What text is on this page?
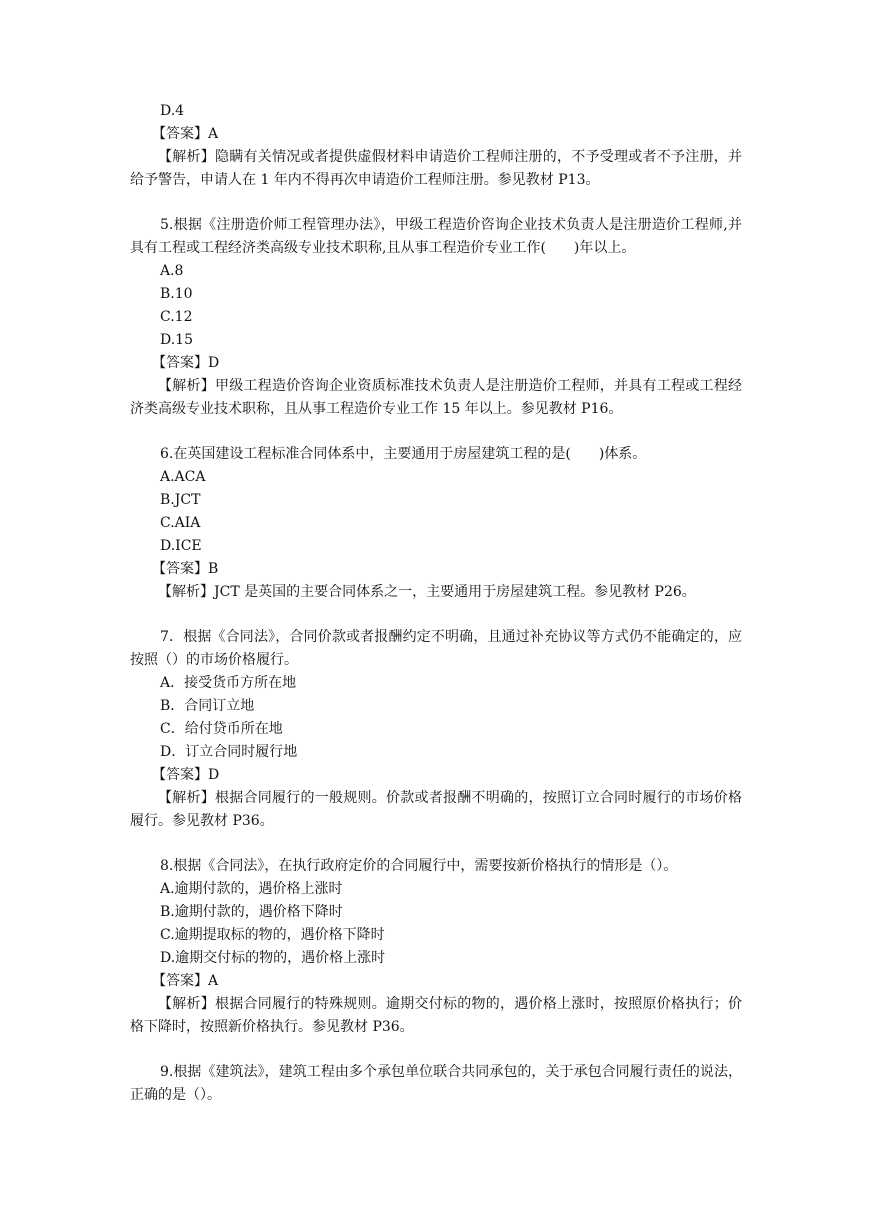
D.4
【答案】A
【解析】隐瞒有关情况或者提供虚假材料申请造价工程师注册的，不予受理或者不予注册，并给予警告，申请人在 1 年内不得再次申请造价工程师注册。参见教材 P13。
5.根据《注册造价师工程管理办法》，甲级工程造价咨询企业技术负责人是注册造价工程师,并具有工程或工程经济类高级专业技术职称,且从事工程造价专业工作(　　)年以上。
A.8
B.10
C.12
D.15
【答案】D
【解析】甲级工程造价咨询企业资质标准技术负责人是注册造价工程师，并具有工程或工程经济类高级专业技术职称，且从事工程造价专业工作 15 年以上。参见教材 P16。
6.在英国建设工程标准合同体系中，主要通用于房屋建筑工程的是(　　)体系。
A.ACA
B.JCT
C.AIA
D.ICE
【答案】B
【解析】JCT 是英国的主要合同体系之一，主要通用于房屋建筑工程。参见教材 P26。
7．根据《合同法》，合同价款或者报酬约定不明确，且通过补充协议等方式仍不能确定的，应按照（）的市场价格履行。
A．接受货币方所在地
B．合同订立地
C．给付贷币所在地
D．订立合同时履行地
【答案】D
【解析】根据合同履行的一般规则。价款或者报酬不明确的，按照订立合同时履行的市场价格履行。参见教材 P36。
8.根据《合同法》，在执行政府定价的合同履行中，需要按新价格执行的情形是（）。
A.逾期付款的，遇价格上涨时
B.逾期付款的，遇价格下降时
C.逾期提取标的物的，遇价格下降时
D.逾期交付标的物的，遇价格上涨时
【答案】A
【解析】根据合同履行的特殊规则。逾期交付标的物的，遇价格上涨时，按照原价格执行；价格下降时，按照新价格执行。参见教材 P36。
9.根据《建筑法》，建筑工程由多个承包单位联合共同承包的，关于承包合同履行责任的说法，正确的是（）。
